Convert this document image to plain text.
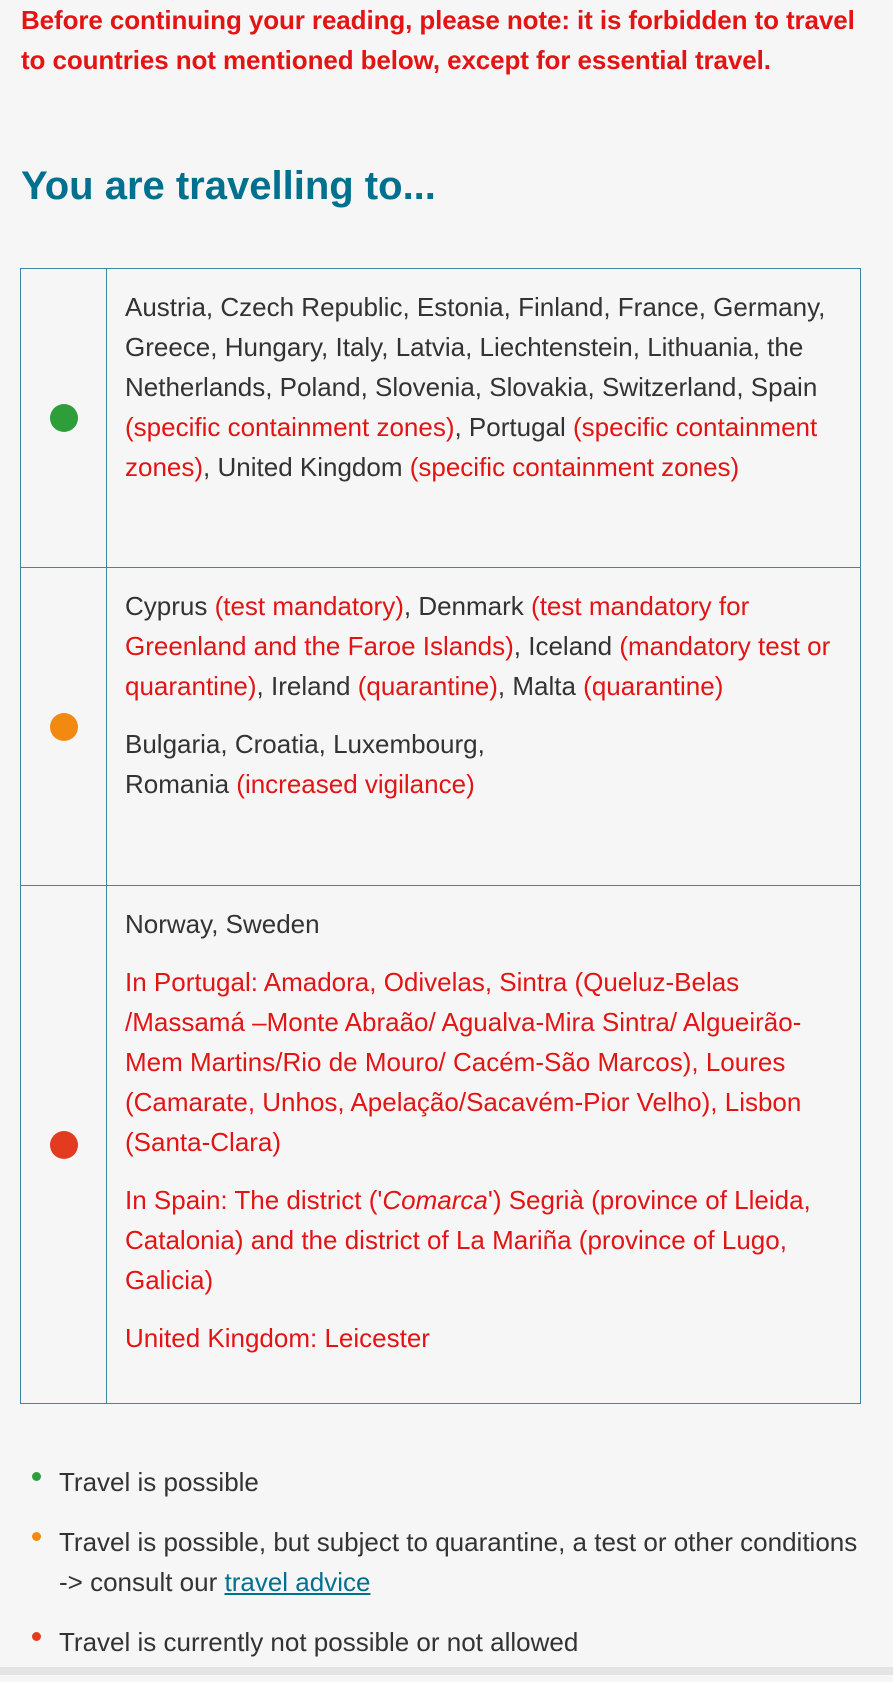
Before continuing your reading, please note: it is forbidden to travel to countries not mentioned below, except for essential travel.

You are travelling to...

Austria, Czech Republic, Estonia, Finland, France, Germany, Greece, Hungary, Italy, Latvia, Liechtenstein, Lithuania, the Netherlands, Poland, Slovenia, Slovakia, Switzerland, Spain (specific containment zones), Portugal (specific containment zones), United Kingdom (specific containment zones)

Cyprus (test mandatory), Denmark (test mandatory for Greenland and the Faroe Islands), Iceland (mandatory test or quarantine), Ireland (quarantine), Malta (quarantine)

Bulgaria, Croatia, Luxembourg,
Romania (increased vigilance)

Norway, Sweden

In Portugal: Amadora, Odivelas, Sintra (Queluz-Belas /Massamá –Monte Abraão/ Agualva-Mira Sintra/ Algueirão-Mem Martins/Rio de Mouro/ Cacém-São Marcos), Loures (Camarate, Unhos, Apelação/Sacavém-Pior Velho), Lisbon (Santa-Clara)

In Spain: The district ('Comarca') Segrià (province of Lleida, Catalonia) and the district of La Mariña (province of Lugo, Galicia)

United Kingdom: Leicester

Travel is possible
Travel is possible, but subject to quarantine, a test or other conditions -> consult our travel advice
Travel is currently not possible or not allowed
